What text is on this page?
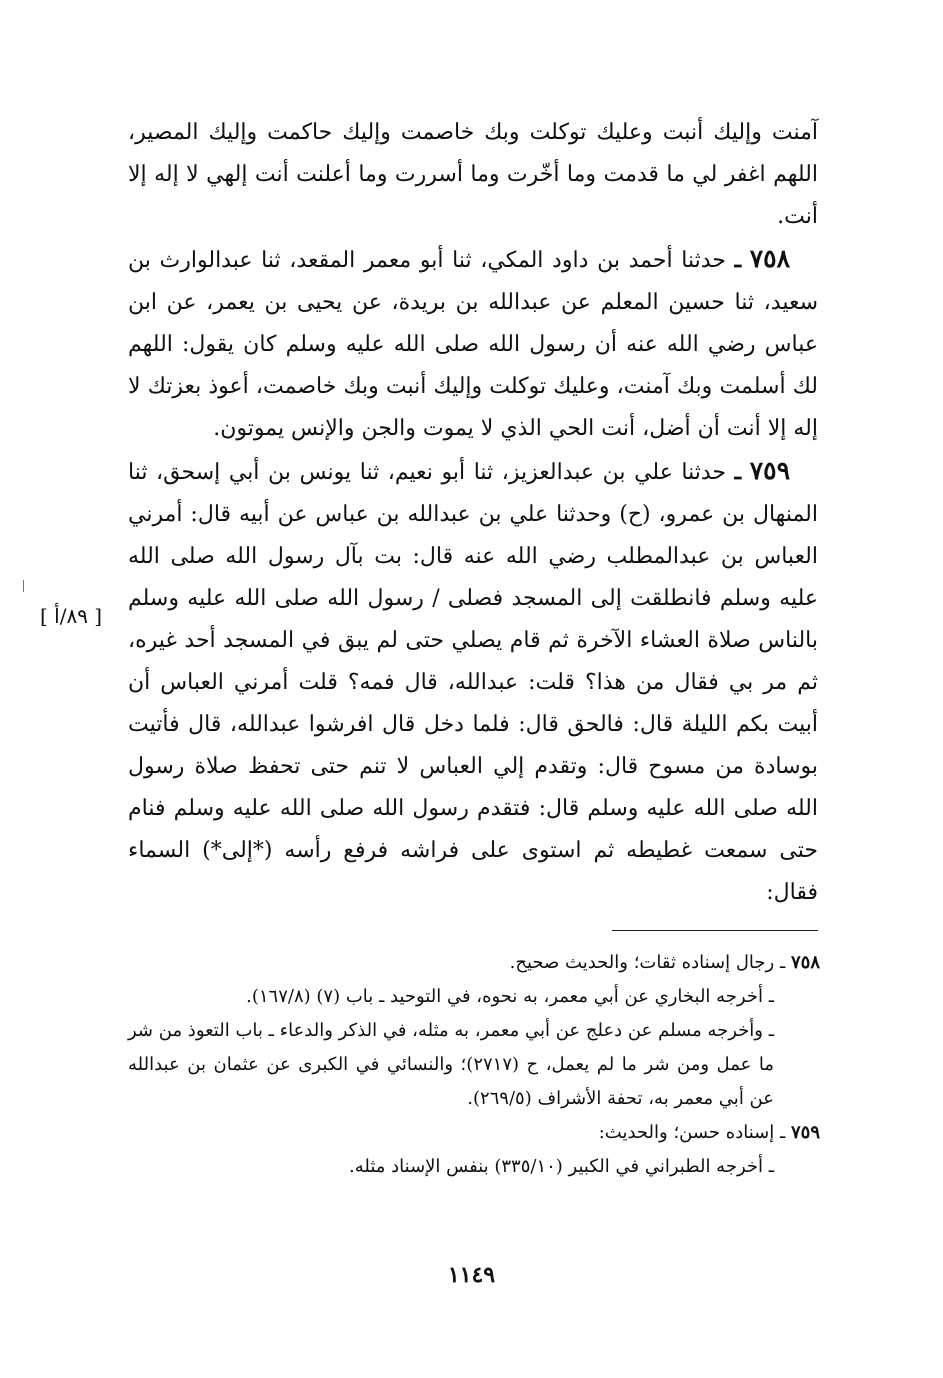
آمنت وإليك أنبت وعليك توكلت وبك خاصمت وإليك حاكمت وإليك المصير، اللهم اغفر لي ما قدمت وما أخّرت وما أسررت وما أعلنت أنت إلهي لا إله إلا أنت.

٧٥٨ ـ حدثنا أحمد بن داود المكي، ثنا أبو معمر المقعد، ثنا عبدالوارث بن سعيد، ثنا حسين المعلم عن عبدالله بن بريدة، عن يحيى بن يعمر، عن ابن عباس رضي الله عنه أن رسول الله صلى الله عليه وسلم كان يقول: اللهم لك أسلمت وبك آمنت، وعليك توكلت وإليك أنبت وبك خاصمت، أعوذ بعزتك لا إله إلا أنت أن أضل، أنت الحي الذي لا يموت والجن والإنس يموتون.

٧٥٩ ـ حدثنا علي بن عبدالعزيز، ثنا أبو نعيم، ثنا يونس بن أبي إسحق، ثنا المنهال بن عمرو، (ح) وحدثنا علي بن عبدالله بن عباس عن أبيه قال: أمرني العباس بن عبدالمطلب رضي الله عنه قال: بت بآل رسول الله صلى الله عليه وسلم فانطلقت إلى المسجد فصلى / رسول الله صلى الله عليه وسلم بالناس صلاة العشاء الآخرة ثم قام يصلي حتى لم يبق في المسجد أحد غيره، ثم مر بي فقال من هذا؟ قلت: عبدالله، قال فمه؟ قلت أمرني العباس أن أبيت بكم الليلة قال: فالحق قال: فلما دخل قال افرشوا عبدالله، قال فأتيت بوسادة من مسوح قال: وتقدم إلي العباس لا تنم حتى تحفظ صلاة رسول الله صلى الله عليه وسلم قال: فتقدم رسول الله صلى الله عليه وسلم فنام حتى سمعت غطيطه ثم استوى على فراشه فرفع رأسه (*إلى*) السماء فقال:

[ ٨٩/أ ]

٧٥٨ ـ رجال إسناده ثقات؛ والحديث صحيح.

ـ أخرجه البخاري عن أبي معمر، به نحوه، في التوحيد ـ باب (٧) (١٦٧/٨).

ـ وأخرجه مسلم عن دعلج عن أبي معمر، به مثله، في الذكر والدعاء ـ باب التعوذ من شر ما عمل ومن شر ما لم يعمل، ح (٢٧١٧)؛ والنسائي في الكبرى عن عثمان بن عبدالله عن أبي معمر به، تحفة الأشراف (٢٦٩/٥).

٧٥٩ ـ إسناده حسن؛ والحديث:

ـ أخرجه الطبراني في الكبير (٣٣٥/١٠) بنفس الإسناد مثله.

١١٤٩
